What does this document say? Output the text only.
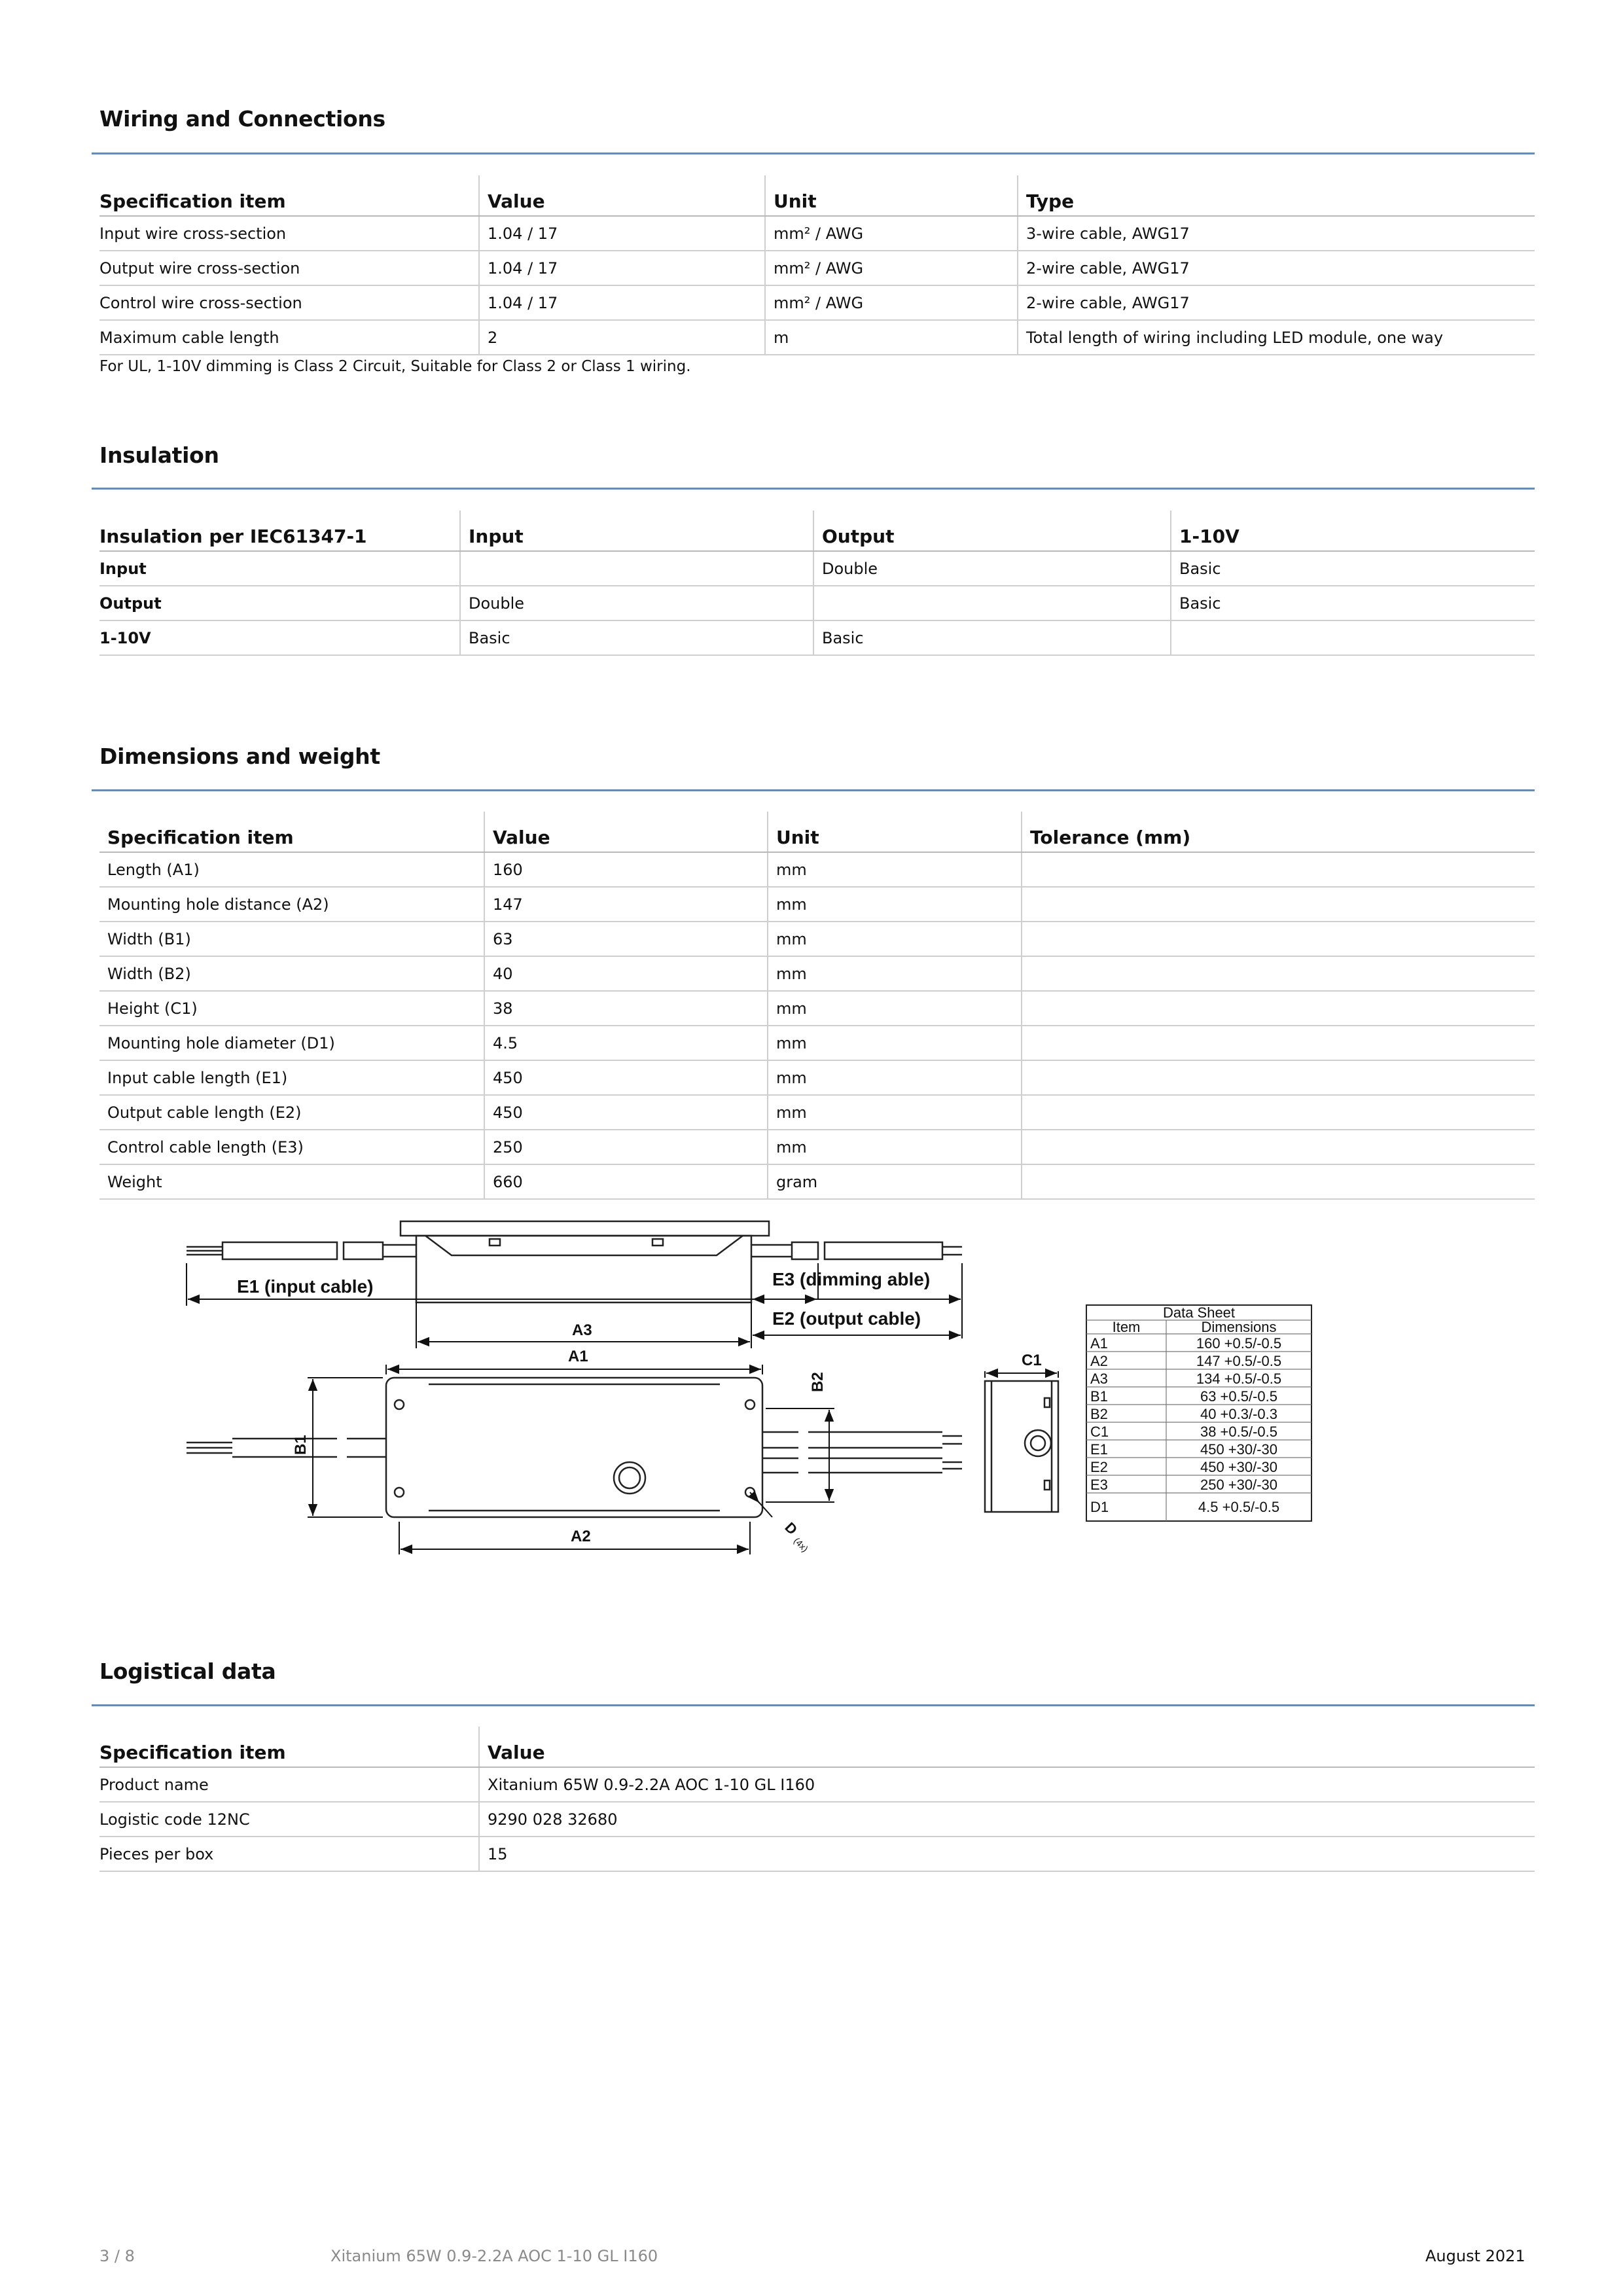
Wiring and Connections
Specification item	Value	Unit	Type
Input wire cross-section	1.04 / 17	mm² / AWG	3-wire cable, AWG17
Output wire cross-section	1.04 / 17	mm² / AWG	2-wire cable, AWG17
Control wire cross-section	1.04 / 17	mm² / AWG	2-wire cable, AWG17
Maximum cable length	2	m	Total length of wiring including LED module, one way
For UL, 1-10V dimming is Class 2 Circuit, Suitable for Class 2 or Class 1 wiring.
Insulation
Insulation per IEC61347-1	Input	Output	1-10V
Input		Double	Basic
Output	Double		Basic
1-10V	Basic	Basic	
Dimensions and weight
Specification item	Value	Unit	Tolerance (mm)
Length (A1)	160	mm	
Mounting hole distance (A2)	147	mm	
Width (B1)	63	mm	
Width (B2)	40	mm	
Height (C1)	38	mm	
Mounting hole diameter (D1)	4.5	mm	
Input cable length (E1)	450	mm	
Output cable length (E2)	450	mm	
Control cable length (E3)	250	mm	
Weight	660	gram	
E1 (input cable)	E3 (dimming able)
E2 (output cable)
A3
A1
A2
B1
B2
C1
D
(4x)
Data Sheet
Item	Dimensions
A1	160 +0.5/-0.5
A2	147 +0.5/-0.5
A3	134 +0.5/-0.5
B1	63 +0.5/-0.5
B2	40 +0.3/-0.3
C1	38 +0.5/-0.5
E1	450 +30/-30
E2	450 +30/-30
E3	250 +30/-30
D1	4.5 +0.5/-0.5
Logistical data
Specification item	Value
Product name	Xitanium 65W 0.9-2.2A AOC 1-10 GL I160
Logistic code 12NC	9290 028 32680
Pieces per box	15
3 / 8	Xitanium 65W 0.9-2.2A AOC 1-10 GL I160	August 2021
